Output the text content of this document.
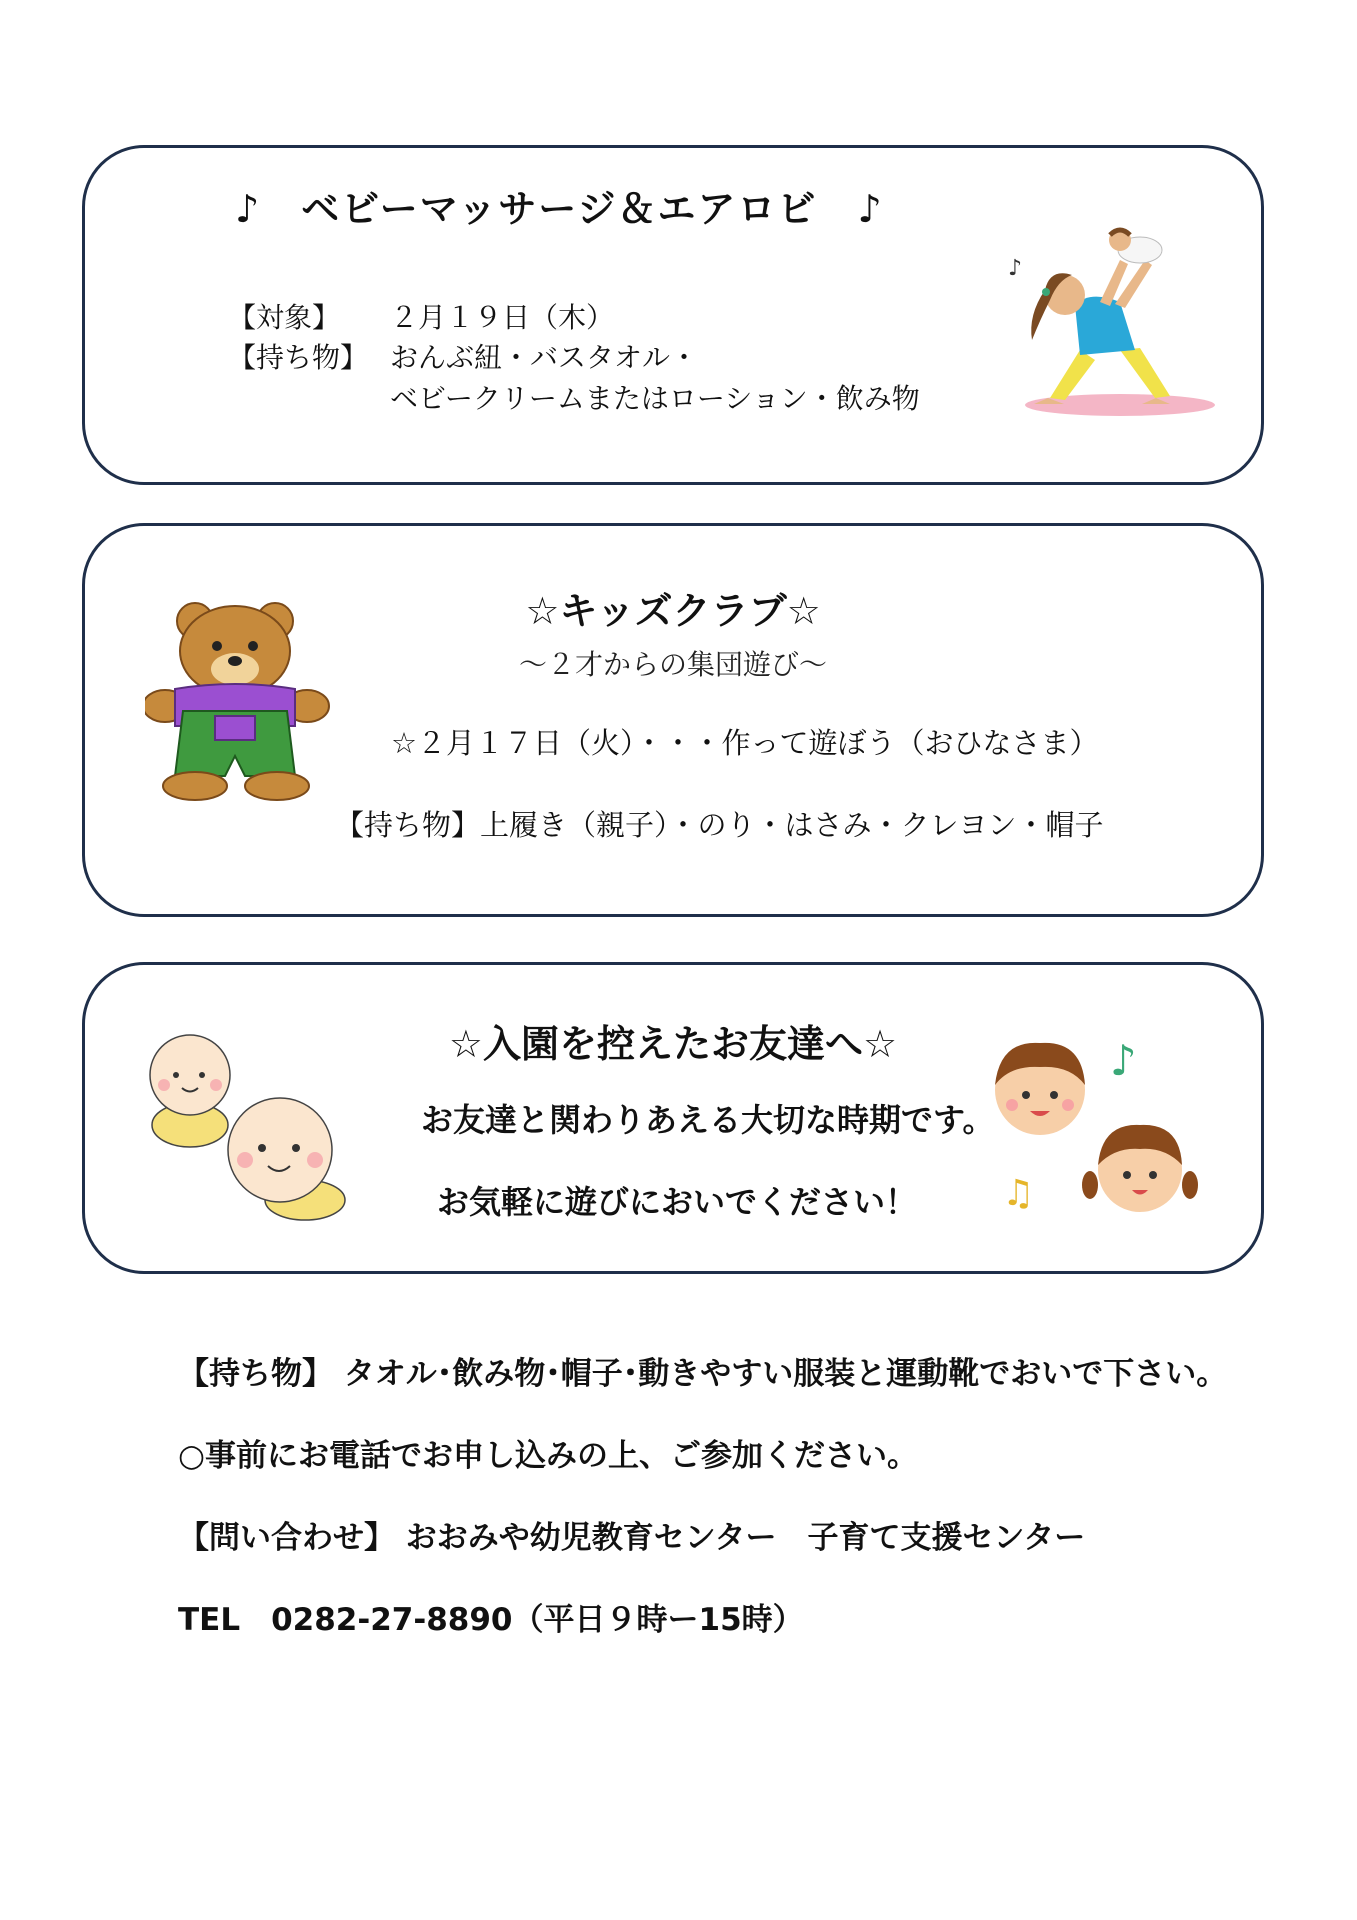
♪　ベビーマッサージ＆エアロビ　♪
【対象】 ２月１９日（木）
【持ち物】 おんぶ紐・バスタオル・
ベビークリームまたはローション・飲み物
♪
☆キッズクラブ☆
～２才からの集団遊び～
☆２月１７日（火）・・・作って遊ぼう（おひなさま）
【持ち物】上履き（親子）・のり・はさみ・クレヨン・帽子
☆入園を控えたお友達へ☆
お友達と関わりあえる大切な時期です。
お気軽に遊びにおいでください！
♪
♫
【持ち物】 タオル･飲み物･帽子･動きやすい服装と運動靴でおいで下さい。
○事前にお電話でお申し込みの上、ご参加ください。
【問い合わせ】 おおみや幼児教育センター　子育て支援センター
TEL　0282-27-8890（平日９時ー15時）
